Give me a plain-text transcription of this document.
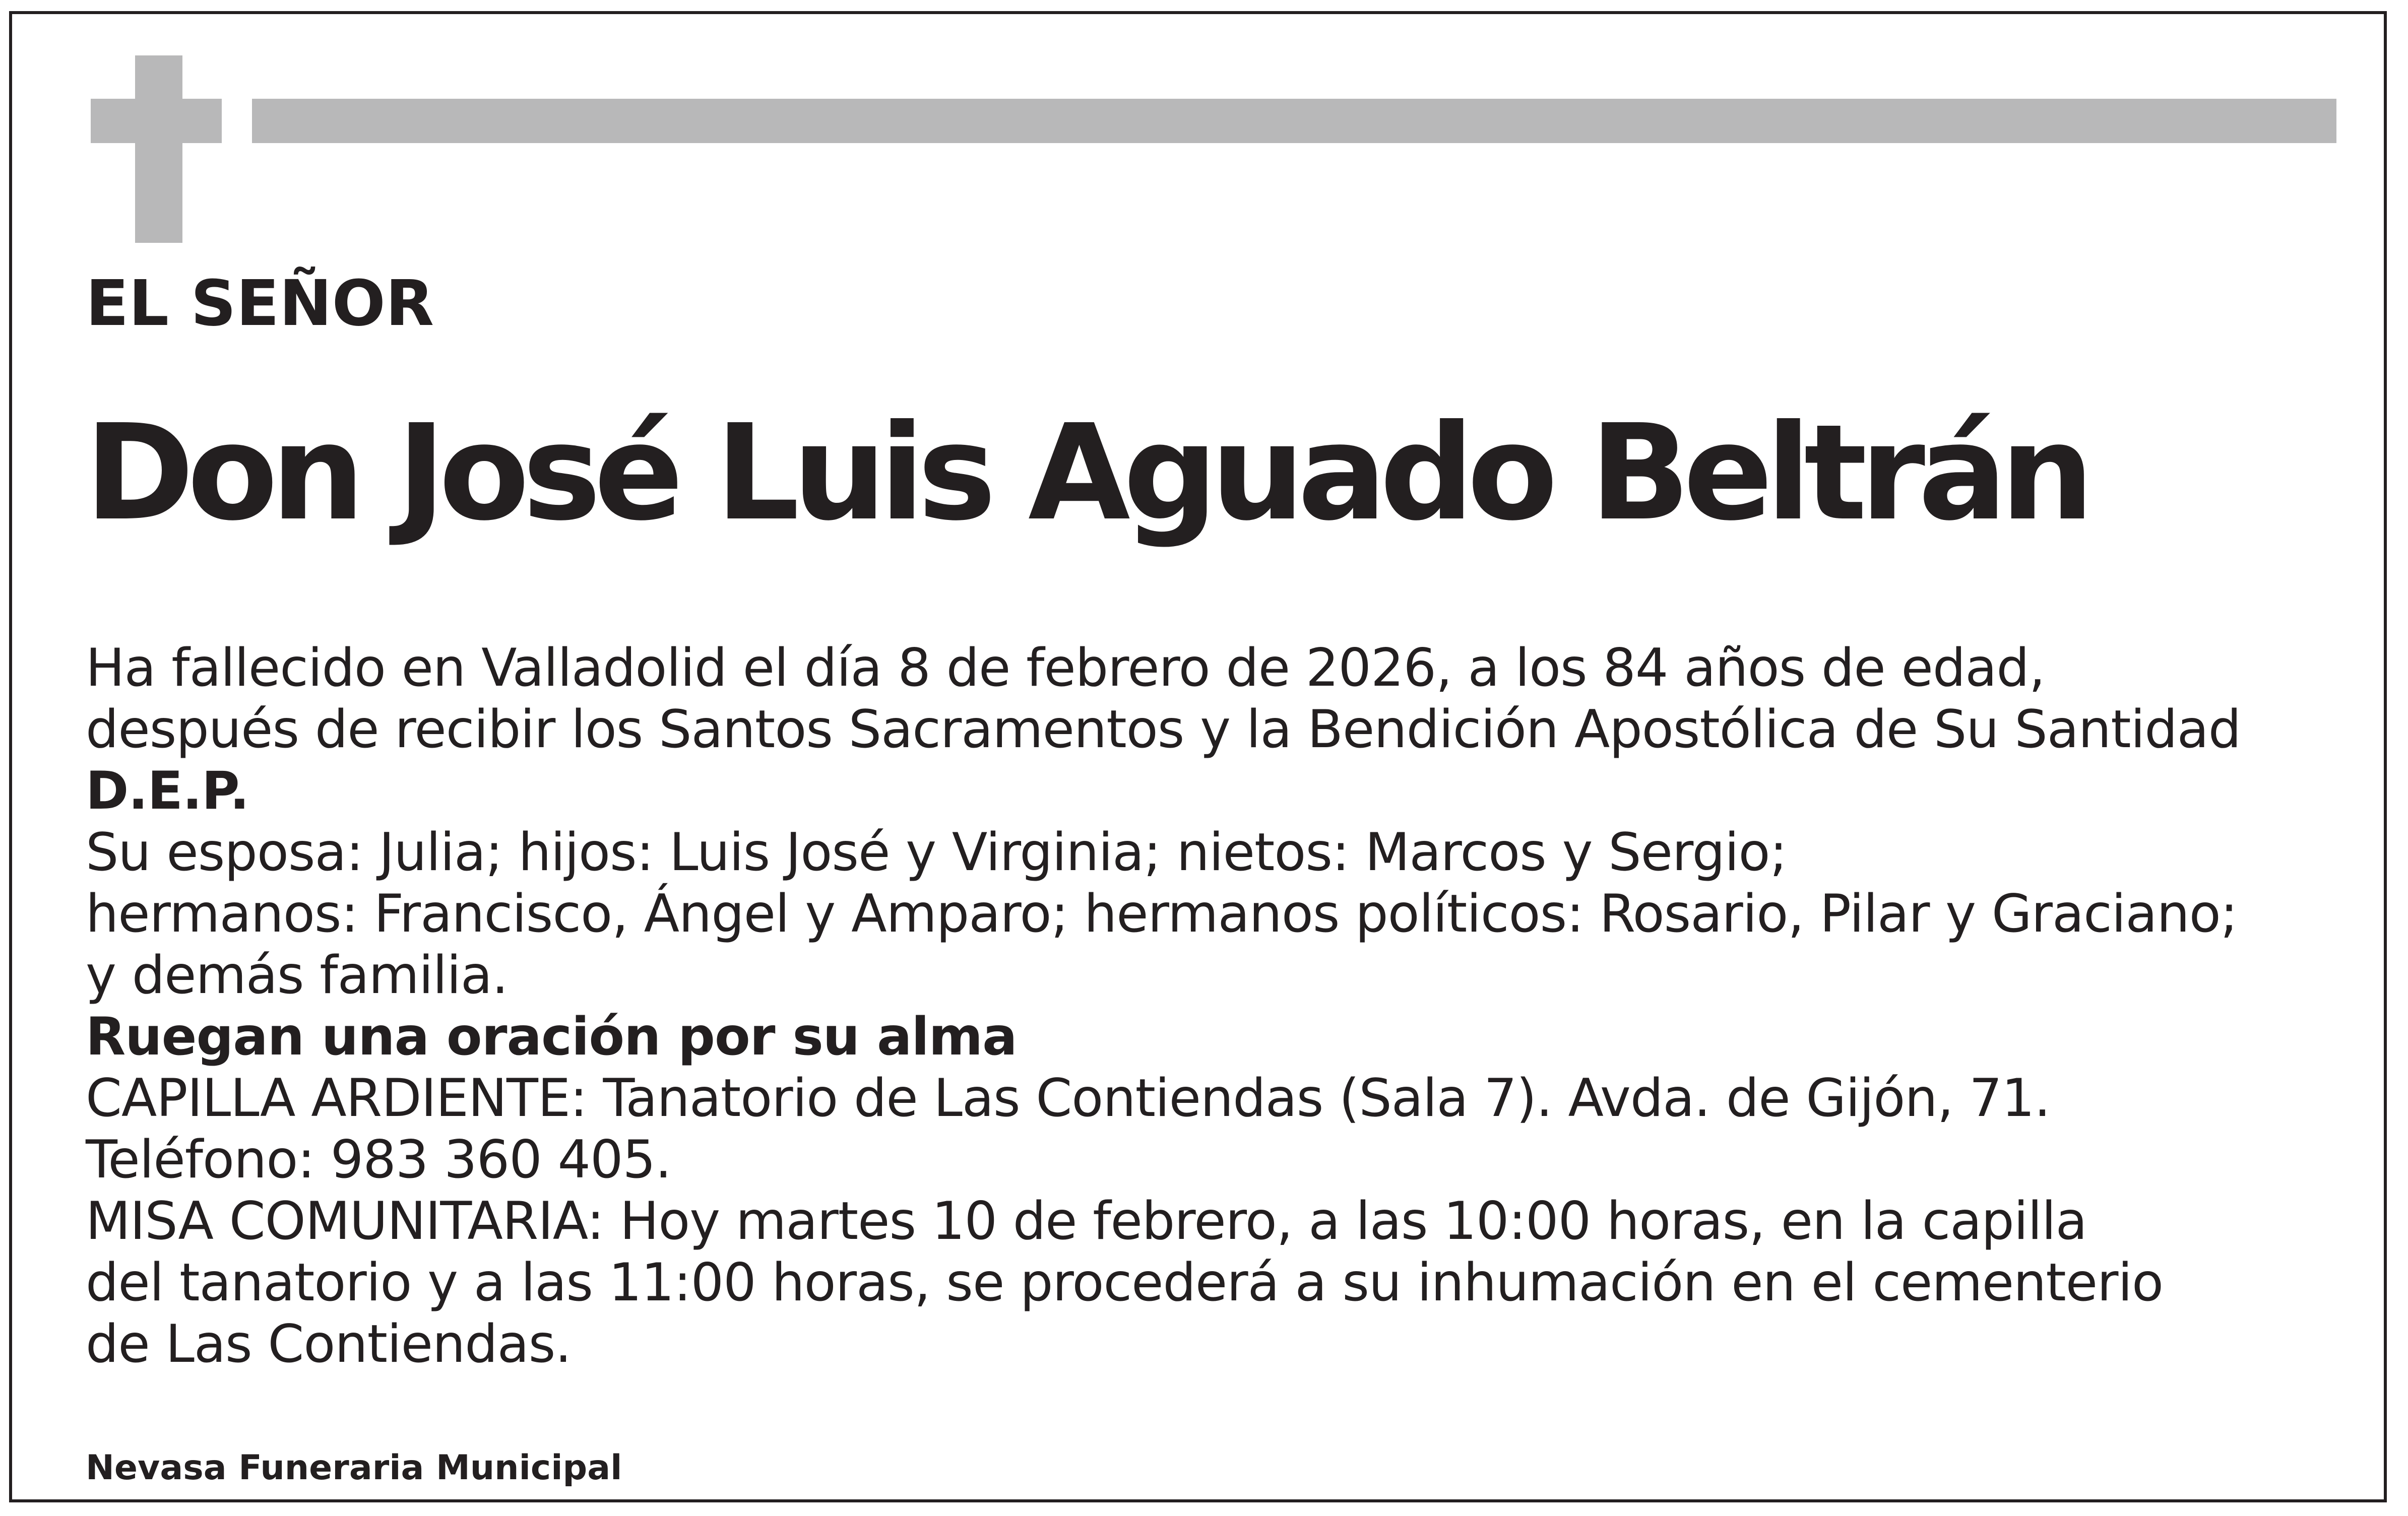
EL SEÑOR
Don José Luis Aguado Beltrán
Ha fallecido en Valladolid el día 8 de febrero de 2026, a los 84 años de edad,
después de recibir los Santos Sacramentos y la Bendición Apostólica de Su Santidad
D.E.P.
Su esposa: Julia; hijos: Luis José y Virginia; nietos: Marcos y Sergio;
hermanos: Francisco, Ángel y Amparo; hermanos políticos: Rosario, Pilar y Graciano;
y demás familia.
Ruegan una oración por su alma
CAPILLA ARDIENTE: Tanatorio de Las Contiendas (Sala 7). Avda. de Gijón, 71.
Teléfono: 983 360 405.
MISA COMUNITARIA: Hoy martes 10 de febrero, a las 10:00 horas, en la capilla
del tanatorio y a las 11:00 horas, se procederá a su inhumación en el cementerio
de Las Contiendas.
Nevasa Funeraria Municipal
